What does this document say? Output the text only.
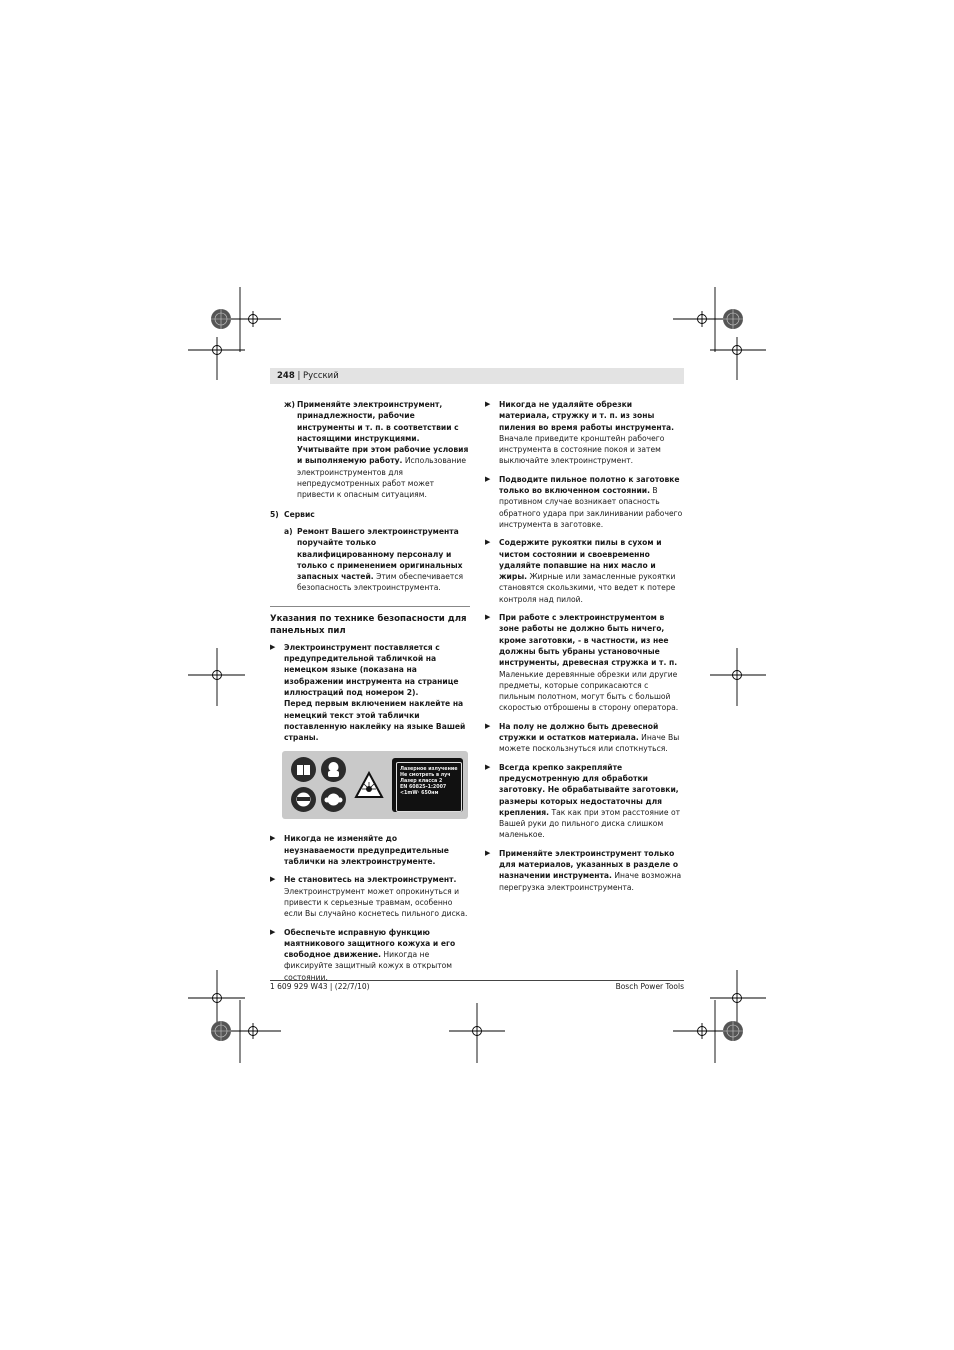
248 | Русский
ж) Применяйте электроинструмент, принадлежности, рабочие инструменты и т. п. в соответствии с настоящими инструкциями. Учитывайте при этом рабочие условия и выполняемую работу. Использование электроинструментов для непредусмотренных работ может привести к опасным ситуациям.
5) Сервис
а) Ремонт Вашего электроинструмента поручайте только квалифицированному персоналу и только с применением оригинальных запасных частей. Этим обеспечивается безопасность электроинструмента.
Указания по технике безопасности для панельных пил
▶ Электроинструмент поставляется с предупредительной табличкой на немецком языке (показана на изображении инструмента на странице иллюстраций под номером 2).
Перед первым включением наклейте на немецкий текст этой таблички поставленную наклейку на языке Вашей страны.
Лазерное излучение
Не смотреть в луч
Лазер класса 2
EN 60825-1:2007
<1mW· 650нм
▶ Никогда не изменяйте до неузнаваемости предупредительные таблички на электроинструменте.
▶ Не становитесь на электроинструмент. Электроинструмент может опрокинуться и привести к серьезные травмам, особенно если Вы случайно коснетесь пильного диска.
▶ Обеспечьте исправную функцию маятникового защитного кожуха и его свободное движение. Никогда не фиксируйте защитный кожух в открытом состоянии.
▶ Никогда не удаляйте обрезки материала, стружку и т. п. из зоны пиления во время работы инструмента. Вначале приведите кронштейн рабочего инструмента в состояние покоя и затем выключайте электроинструмент.
▶ Подводите пильное полотно к заготовке только во включенном состоянии. В противном случае возникает опасность обратного удара при заклинивании рабочего инструмента в заготовке.
▶ Содержите рукоятки пилы в сухом и чистом состоянии и своевременно удаляйте попавшие на них масло и жиры. Жирные или замасленные рукоятки становятся скользкими, что ведет к потере контроля над пилой.
▶ При работе с электроинструментом в зоне работы не должно быть ничего, кроме заготовки, - в частности, из нее должны быть убраны установочные инструменты, древесная стружка и т. п. Маленькие деревянные обрезки или другие предметы, которые соприкасаются с пильным полотном, могут быть с большой скоростью отброшены в сторону оператора.
▶ На полу не должно быть древесной стружки и остатков материала. Иначе Вы можете поскользнуться или споткнуться.
▶ Всегда крепко закрепляйте предусмотренную для обработки заготовку. Не обрабатывайте заготовки, размеры которых недостаточны для крепления. Так как при этом расстояние от Вашей руки до пильного диска слишком маленькое.
▶ Применяйте электроинструмент только для материалов, указанных в разделе о назначении инструмента. Иначе возможна перегрузка электроинструмента.
1 609 929 W43 | (22/7/10)	Bosch Power Tools
